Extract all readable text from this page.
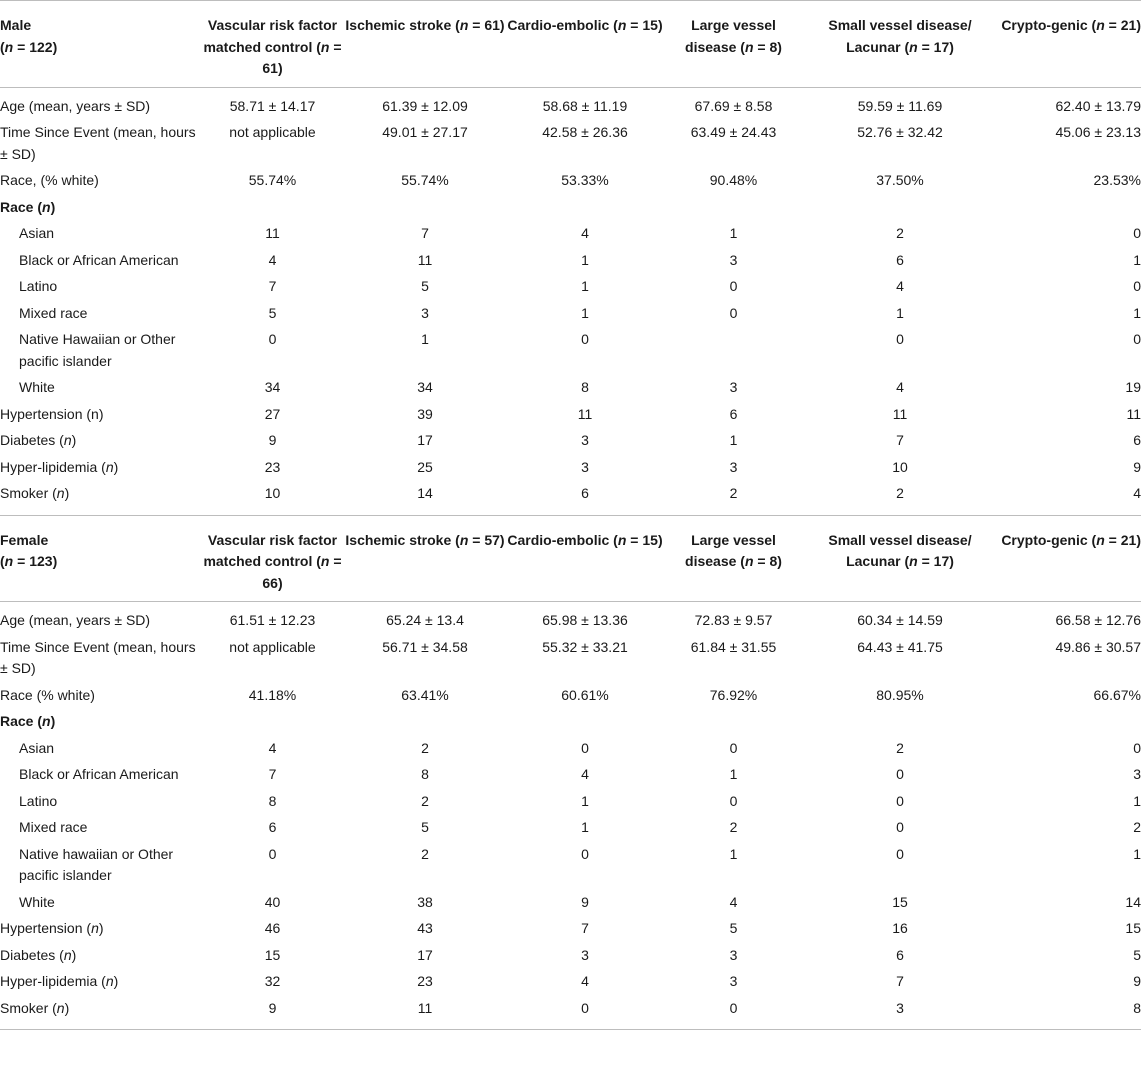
Male
(n = 122)	Vascular risk factor matched control (n = 61)	Ischemic stroke (n = 61)	Cardio-embolic (n = 15)	Large vessel disease (n = 8)	Small vessel disease/ Lacunar (n = 17)	Crypto-genic (n = 21)
Age (mean, years ± SD)	58.71 ± 14.17	61.39 ± 12.09	58.68 ± 11.19	67.69 ± 8.58	59.59 ± 11.69	62.40 ± 13.79
Time Since Event (mean, hours ± SD)	not applicable	49.01 ± 27.17	42.58 ± 26.36	63.49 ± 24.43	52.76 ± 32.42	45.06 ± 23.13
Race, (% white)	55.74%	55.74%	53.33%	90.48%	37.50%	23.53%
Race (n)						
Asian	11	7	4	1	2	0
Black or African American	4	11	1	3	6	1
Latino	7	5	1	0	4	0
Mixed race	5	3	1	0	1	1
Native Hawaiian or Other pacific islander	0	1	0		0	0
White	34	34	8	3	4	19
Hypertension (n)	27	39	11	6	11	11
Diabetes (n)	9	17	3	1	7	6
Hyper-lipidemia (n)	23	25	3	3	10	9
Smoker (n)	10	14	6	2	2	4
Female
(n = 123)	Vascular risk factor matched control (n = 66)	Ischemic stroke (n = 57)	Cardio-embolic (n = 15)	Large vessel disease (n = 8)	Small vessel disease/ Lacunar (n = 17)	Crypto-genic (n = 21)
Age (mean, years ± SD)	61.51 ± 12.23	65.24 ± 13.4	65.98 ± 13.36	72.83 ± 9.57	60.34 ± 14.59	66.58 ± 12.76
Time Since Event (mean, hours ± SD)	not applicable	56.71 ± 34.58	55.32 ± 33.21	61.84 ± 31.55	64.43 ± 41.75	49.86 ± 30.57
Race (% white)	41.18%	63.41%	60.61%	76.92%	80.95%	66.67%
Race (n)						
Asian	4	2	0	0	2	0
Black or African American	7	8	4	1	0	3
Latino	8	2	1	0	0	1
Mixed race	6	5	1	2	0	2
Native hawaiian or Other pacific islander	0	2	0	1	0	1
White	40	38	9	4	15	14
Hypertension (n)	46	43	7	5	16	15
Diabetes (n)	15	17	3	3	6	5
Hyper-lipidemia (n)	32	23	4	3	7	9
Smoker (n)	9	11	0	0	3	8
